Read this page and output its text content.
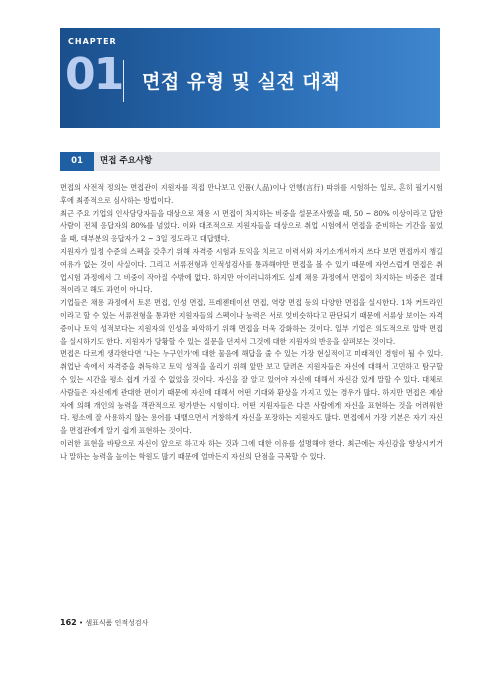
CHAPTER
01 면접 유형 및 실전 대책
01	면접 주요사항

면접의 사전적 정의는 면접관이 지원자를 직접 만나보고 인품(人品)이나 언행(言行) 따위를 시험하는 일로, 흔히 필기시험 후에 최종적으로 심사하는 방법이다.

최근 주요 기업의 인사담당자들을 대상으로 채용 시 면접이 차지하는 비중을 설문조사했을 때, 50 ~ 80% 이상이라고 답한 사람이 전체 응답자의 80%를 넘었다. 이와 대조적으로 지원자들을 대상으로 취업 시험에서 면접을 준비하는 기간을 물었을 때, 대부분의 응답자가 2 ~ 3일 정도라고 대답했다.

지원자가 일정 수준의 스펙을 갖추기 위해 자격증 시험과 토익을 치르고 이력서와 자기소개서까지 쓰다 보면 면접까지 챙길 여유가 없는 것이 사실이다. 그리고 서류전형과 인적성검사를 통과해야만 면접을 볼 수 있기 때문에 자연스럽게 면접은 취업시험 과정에서 그 비중이 작아질 수밖에 없다. 하지만 아이러니하게도 실제 채용 과정에서 면접이 차지하는 비중은 절대적이라고 해도 과언이 아니다.

기업들은 채용 과정에서 토론 면접, 인성 면접, 프레젠테이션 면접, 역량 면접 등의 다양한 면접을 실시한다. 1차 커트라인이라고 할 수 있는 서류전형을 통과한 지원자들의 스펙이나 능력은 서로 엇비슷하다고 판단되기 때문에 서류상 보이는 자격증이나 토익 성적보다는 지원자의 인성을 파악하기 위해 면접을 더욱 강화하는 것이다. 일부 기업은 의도적으로 압박 면접을 실시하기도 한다. 지원자가 당황할 수 있는 질문을 던져서 그것에 대한 지원자의 반응을 살펴보는 것이다.

면접은 다르게 생각한다면 '나는 누구인가'에 대한 물음에 해답을 줄 수 있는 가장 현실적이고 미래적인 경험이 될 수 있다. 취업난 속에서 자격증을 취득하고 토익 성적을 올리기 위해 앞만 보고 달려온 지원자들은 자신에 대해서 고민하고 탐구할 수 있는 시간을 평소 쉽게 가질 수 없었을 것이다. 자신을 잘 알고 있어야 자신에 대해서 자신감 있게 말할 수 있다. 대체로 사람들은 자신에게 관대한 편이기 때문에 자신에 대해서 어떤 기대와 환상을 가지고 있는 경우가 많다. 하지만 면접은 제삼자에 의해 개인의 능력을 객관적으로 평가받는 시험이다. 어떤 지원자들은 다른 사람에게 자신을 표현하는 것을 어려워한다. 평소에 잘 사용하지 않는 용어를 내뱉으면서 거창하게 자신을 포장하는 지원자도 많다. 면접에서 가장 기본은 자기 자신을 면접관에게 알기 쉽게 표현하는 것이다.

이러한 표현을 바탕으로 자신이 앞으로 하고자 하는 것과 그에 대한 이유를 설명해야 한다. 최근에는 자신감을 향상시키거나 말하는 능력을 높이는 학원도 많기 때문에 얼마든지 자신의 단점을 극복할 수 있다.

162 • 샘표식품 인적성검사
